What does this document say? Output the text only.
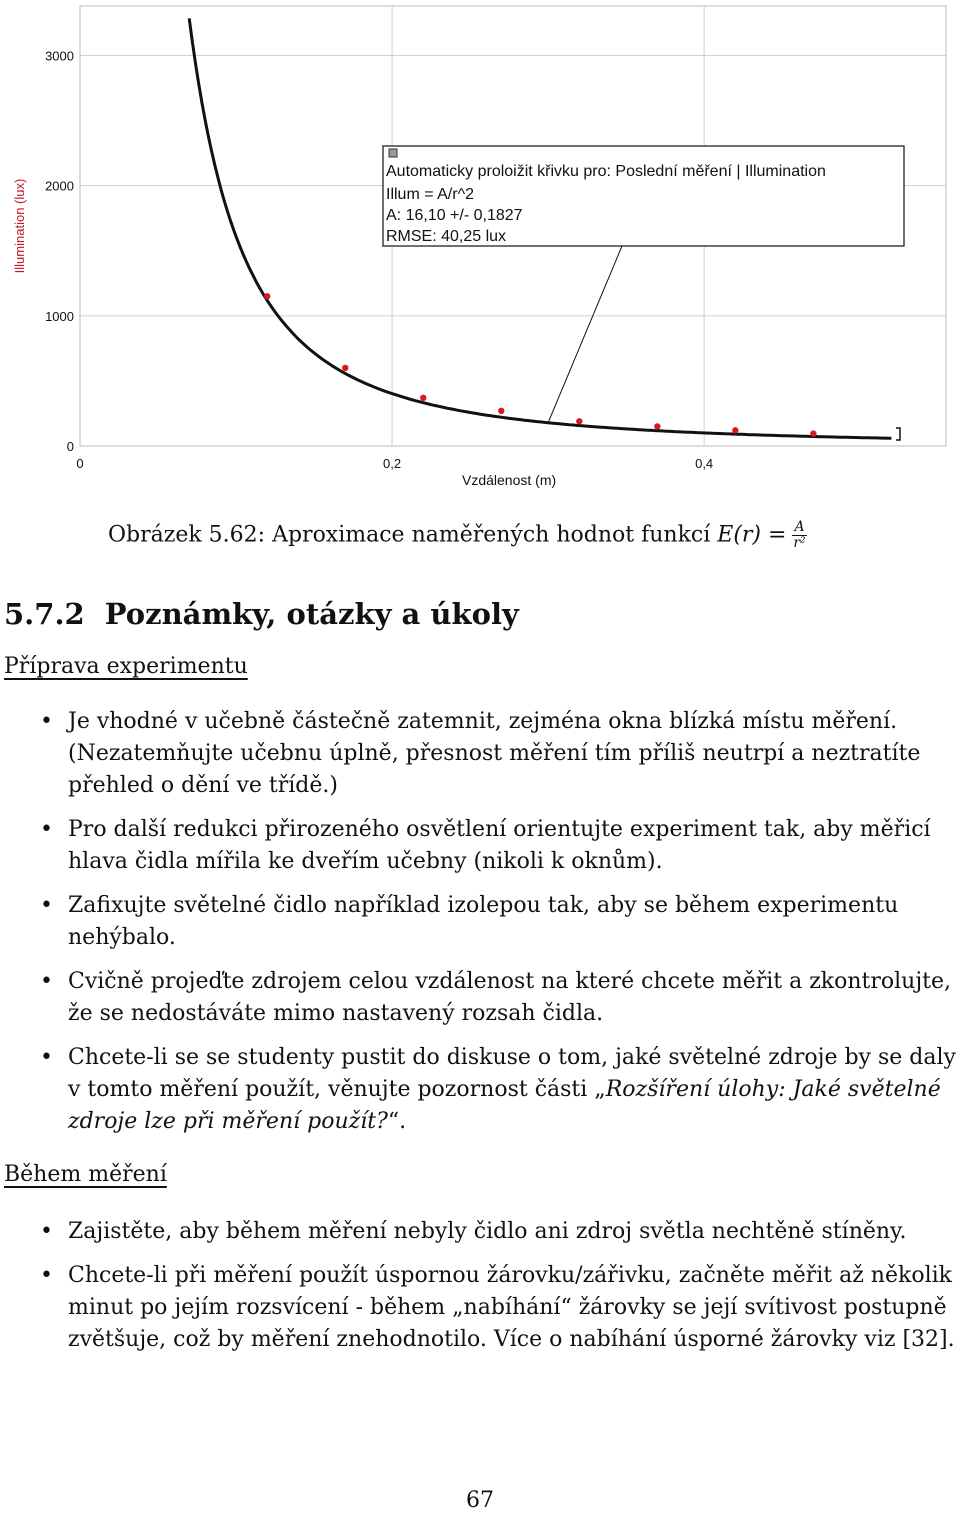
0
1000
2000
3000
0	0,2	0,4
Automaticky proloižit křivku pro: Poslední měření | Illumination
Illum = A/r^2
A: 16,10 +/- 0,1827
RMSE: 40,25 lux
Vzdálenost (m)
Illumination (lux)
Obrázek 5.62: Aproximace naměřených hodnot funkcí $E(r) = \frac{A}{\text{r²}}$
5.7.2 Poznámky, otázky a úkoly
Příprava experimentu
• Je vhodné v učebně částečně zatemnit, zejména okna blízká místu měření. (Nezatemňujte učebnu úplně, přesnost měření tím příliš neutrpí a neztratíte přehled o dění ve třídě.)
• Pro další redukci přirozeného osvětlení orientujte experiment tak, aby měřicí hlava čidla mířila ke dveřím učebny (nikoli k oknům).
• Zafixujte světelné čidlo například izolepou tak, aby se během experimentu nehýbalo.
• Cvičně projeďte zdrojem celou vzdálenost na které chcete měřit a zkontrolujte, že se nedostáváte mimo nastavený rozsah čidla.
• Chcete-li se se studenty pustit do diskuse o tom, jaké světelné zdroje by se daly v tomto měření použít, věnujte pozornost části „Rozšíření úlohy: Jaké světelné zdroje lze při měření použít?“.
Během měření
• Zajistěte, aby během měření nebyly čidlo ani zdroj světla nechtěně stíněny.
• Chcete-li při měření použít úspornou žárovku/zářivku, začněte měřit až několik minut po jejím rozsvícení - během „nabíhání“ žárovky se její svítivost postupně zvětšuje, což by měření znehodnotilo. Více o nabíhání úsporné žárovky viz [32].
67
